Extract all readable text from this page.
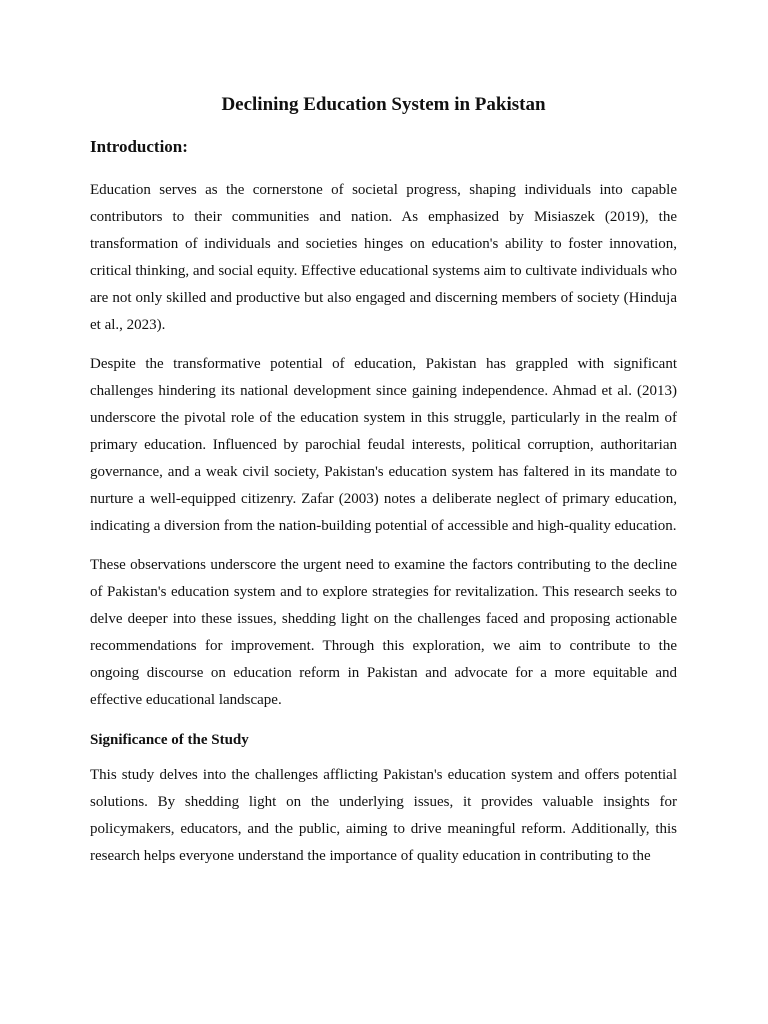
Declining Education System in Pakistan
Introduction:

Education serves as the cornerstone of societal progress, shaping individuals into capable contributors to their communities and nation. As emphasized by Misiaszek (2019), the transformation of individuals and societies hinges on education's ability to foster innovation, critical thinking, and social equity. Effective educational systems aim to cultivate individuals who are not only skilled and productive but also engaged and discerning members of society (Hinduja et al., 2023).

Despite the transformative potential of education, Pakistan has grappled with significant challenges hindering its national development since gaining independence. Ahmad et al. (2013) underscore the pivotal role of the education system in this struggle, particularly in the realm of primary education. Influenced by parochial feudal interests, political corruption, authoritarian governance, and a weak civil society, Pakistan's education system has faltered in its mandate to nurture a well-equipped citizenry. Zafar (2003) notes a deliberate neglect of primary education, indicating a diversion from the nation-building potential of accessible and high-quality education.

These observations underscore the urgent need to examine the factors contributing to the decline of Pakistan's education system and to explore strategies for revitalization. This research seeks to delve deeper into these issues, shedding light on the challenges faced and proposing actionable recommendations for improvement. Through this exploration, we aim to contribute to the ongoing discourse on education reform in Pakistan and advocate for a more equitable and effective educational landscape.

Significance of the Study

This study delves into the challenges afflicting Pakistan's education system and offers potential solutions. By shedding light on the underlying issues, it provides valuable insights for policymakers, educators, and the public, aiming to drive meaningful reform. Additionally, this research helps everyone understand the importance of quality education in contributing to the
